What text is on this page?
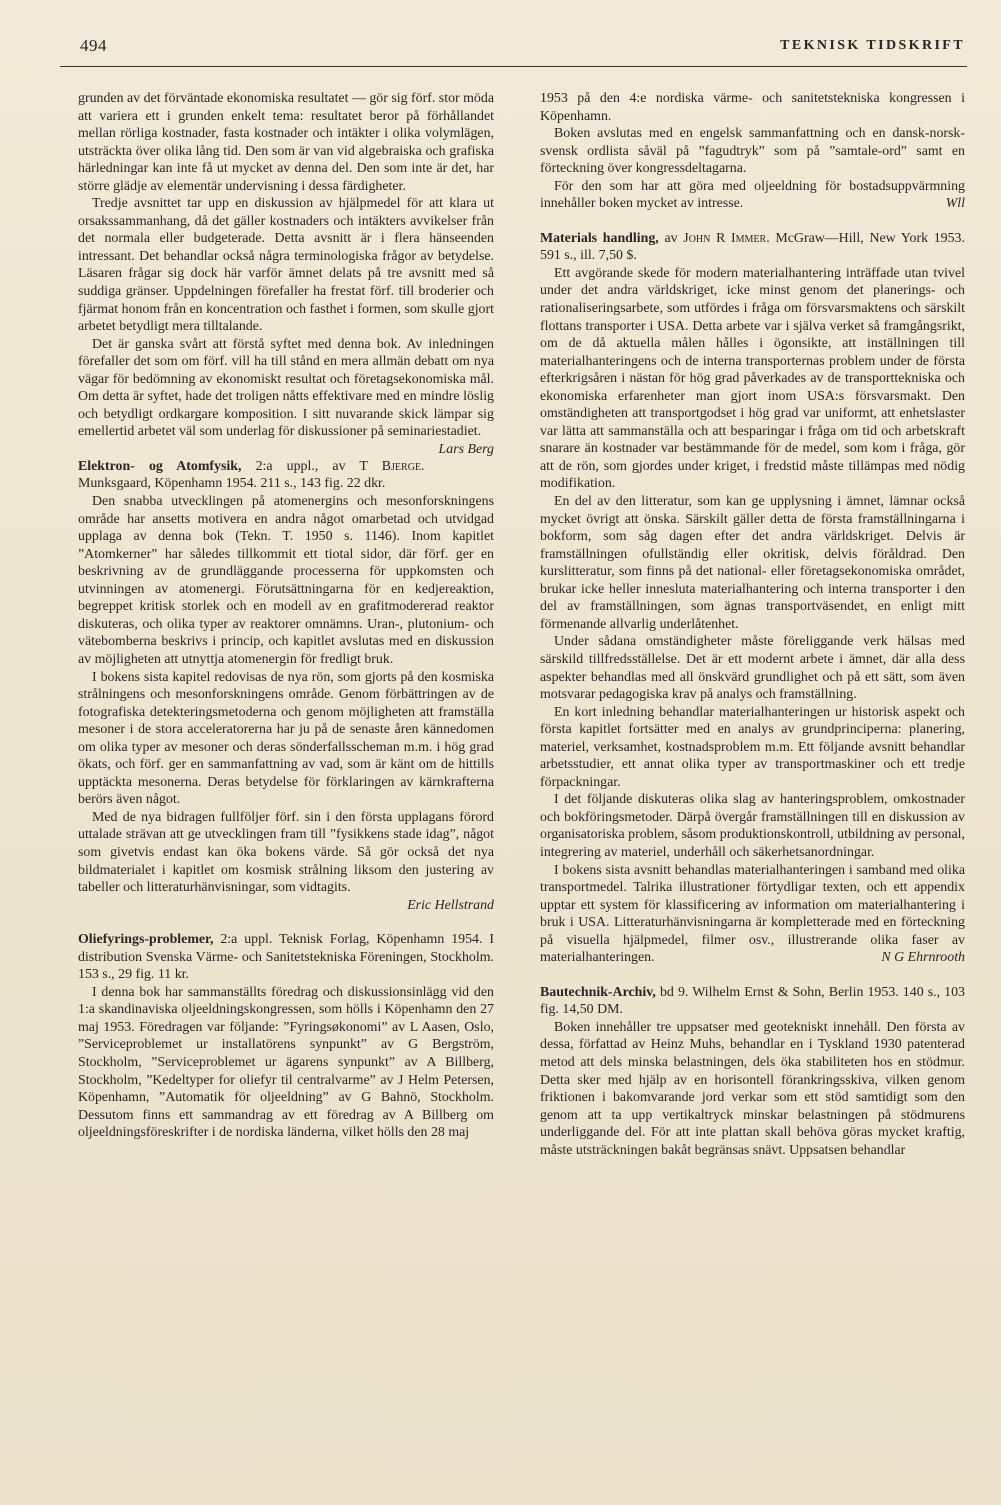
494	TEKNISK TIDSKRIFT

grunden av det förväntade ekonomiska resultatet — gör sig förf. stor möda att variera ett i grunden enkelt tema: resultatet beror på förhållandet mellan rörliga kostnader, fasta kostnader och intäkter i olika volymlägen, utsträckta över olika lång tid. Den som är van vid algebraiska och grafiska härledningar kan inte få ut mycket av denna del. Den som inte är det, har större glädje av elementär undervisning i dessa färdigheter.

Tredje avsnittet tar upp en diskussion av hjälpmedel för att klara ut orsakssammanhang, då det gäller kostnaders och intäkters avvikelser från det normala eller budgeterade. Detta avsnitt är i flera hänseenden intressant. Det behandlar också några terminologiska frågor av betydelse. Läsaren frågar sig dock här varför ämnet delats på tre avsnitt med så suddiga gränser. Uppdelningen förefaller ha frestat förf. till broderier och fjärmat honom från en koncentration och fasthet i formen, som skulle gjort arbetet betydligt mera tilltalande.

Det är ganska svårt att förstå syftet med denna bok. Av inledningen förefaller det som om förf. vill ha till stånd en mera allmän debatt om nya vägar för bedömning av ekonomiskt resultat och företagsekonomiska mål. Om detta är syftet, hade det troligen nåtts effektivare med en mindre löslig och betydligt ordkargare komposition. I sitt nuvarande skick lämpar sig emellertid arbetet väl som underlag för diskussioner på seminariestadiet.
Lars Berg

Elektron- og Atomfysik, 2:a uppl., av T Bjerge. Munksgaard, Köpenhamn 1954. 211 s., 143 fig. 22 dkr.

Den snabba utvecklingen på atomenergins och mesonforskningens område har ansetts motivera en andra något omarbetad och utvidgad upplaga av denna bok (Tekn. T. 1950 s. 1146). Inom kapitlet ”Atomkerner” har således tillkommit ett tiotal sidor, där förf. ger en beskrivning av de grundläggande processerna för uppkomsten och utvinningen av atomenergi. Förutsättningarna för en kedjereaktion, begreppet kritisk storlek och en modell av en grafitmodererad reaktor diskuteras, och olika typer av reaktorer omnämns. Uran-, plutonium- och vätebomberna beskrivs i princip, och kapitlet avslutas med en diskussion av möjligheten att utnyttja atomenergin för fredligt bruk.

I bokens sista kapitel redovisas de nya rön, som gjorts på den kosmiska strålningens och mesonforskningens område. Genom förbättringen av de fotografiska detekteringsmetoderna och genom möjligheten att framställa mesoner i de stora acceleratorerna har ju på de senaste åren kännedomen om olika typer av mesoner och deras sönderfallsscheman m.m. i hög grad ökats, och förf. ger en sammanfattning av vad, som är känt om de hittills upptäckta mesonerna. Deras betydelse för förklaringen av kärnkrafterna berörs även något.

Med de nya bidragen fullföljer förf. sin i den första upplagans förord uttalade strävan att ge utvecklingen fram till ”fysikkens stade idag”, något som givetvis endast kan öka bokens värde. Så gör också det nya bildmaterialet i kapitlet om kosmisk strålning liksom den justering av tabeller och litteraturhänvisningar, som vidtagits.

Eric Hellstrand

Oliefyrings-problemer, 2:a uppl. Teknisk Forlag, Köpenhamn 1954. I distribution Svenska Värme- och Sanitetstekniska Föreningen, Stockholm. 153 s., 29 fig. 11 kr.

I denna bok har sammanställts föredrag och diskussionsinlägg vid den 1:a skandinaviska oljeeldningskongressen, som hölls i Köpenhamn den 27 maj 1953. Föredragen var följande: ”Fyringsøkonomi” av L Aasen, Oslo, ”Serviceproblemet ur installatörens synpunkt” av G Bergström, Stockholm, ”Serviceproblemet ur ägarens synpunkt” av A Billberg, Stockholm, ”Kedeltyper for oliefyr til centralvarme” av J Helm Petersen, Köpenhamn, ”Automatik för oljeeldning” av G Bahnö, Stockholm. Dessutom finns ett sammandrag av ett föredrag av A Billberg om oljeeldningsföreskrifter i de nordiska länderna, vilket hölls den 28 maj

1953 på den 4:e nordiska värme- och sanitetstekniska kongressen i Köpenhamn.

Boken avslutas med en engelsk sammanfattning och en dansk-norsk-svensk ordlista såväl på ”fagudtryk” som på ”samtale-ord” samt en förteckning över kongressdeltagarna.

För den som har att göra med oljeeldning för bostadsuppvärmning innehåller boken mycket av intresse.	Wll

Materials handling, av John R Immer. McGraw—Hill, New York 1953. 591 s., ill. 7,50 $.

Ett avgörande skede för modern materialhantering inträffade utan tvivel under det andra världskriget, icke minst genom det planerings- och rationaliseringsarbete, som utfördes i fråga om försvarsmaktens och särskilt flottans transporter i USA. Detta arbete var i själva verket så framgångsrikt, om de då aktuella målen hålles i ögonsikte, att inställningen till materialhanteringens och de interna transporternas problem under de första efterkrigsåren i nästan för hög grad påverkades av de transporttekniska och ekonomiska erfarenheter man gjort inom USA:s försvarsmakt. Den omständigheten att transportgodset i hög grad var uniformt, att enhetslaster var lätta att sammanställa och att besparingar i fråga om tid och arbetskraft snarare än kostnader var bestämmande för de medel, som kom i fråga, gör att de rön, som gjordes under kriget, i fredstid måste tillämpas med nödig modifikation.

En del av den litteratur, som kan ge upplysning i ämnet, lämnar också mycket övrigt att önska. Särskilt gäller detta de första framställningarna i bokform, som såg dagen efter det andra världskriget. Delvis är framställningen ofullständig eller okritisk, delvis föråldrad. Den kurslitteratur, som finns på det national- eller företagsekonomiska området, brukar icke heller innesluta materialhantering och interna transporter i den del av framställningen, som ägnas transportväsendet, en enligt mitt förmenande allvarlig underlåtenhet.

Under sådana omständigheter måste föreliggande verk hälsas med särskild tillfredsställelse. Det är ett modernt arbete i ämnet, där alla dess aspekter behandlas med all önskvärd grundlighet och på ett sätt, som även motsvarar pedagogiska krav på analys och framställning.

En kort inledning behandlar materialhanteringen ur historisk aspekt och första kapitlet fortsätter med en analys av grundprinciperna: planering, materiel, verksamhet, kostnadsproblem m.m. Ett följande avsnitt behandlar arbetsstudier, ett annat olika typer av transportmaskiner och ett tredje förpackningar.

I det följande diskuteras olika slag av hanteringsproblem, omkostnader och bokföringsmetoder. Därpå övergår framställningen till en diskussion av organisatoriska problem, såsom produktionskontroll, utbildning av personal, integrering av materiel, underhåll och säkerhetsanordningar.

I bokens sista avsnitt behandlas materialhanteringen i samband med olika transportmedel. Talrika illustrationer förtydligar texten, och ett appendix upptar ett system för klassificering av information om materialhantering i bruk i USA. Litteraturhänvisningarna är kompletterade med en förteckning på visuella hjälpmedel, filmer osv., illustrerande olika faser av materialhanteringen.	N G Ehrnrooth

Bautechnik-Archiv, bd 9. Wilhelm Ernst & Sohn, Berlin 1953. 140 s., 103 fig. 14,50 DM.

Boken innehåller tre uppsatser med geotekniskt innehåll. Den första av dessa, författad av Heinz Muhs, behandlar en i Tyskland 1930 patenterad metod att dels minska belastningen, dels öka stabiliteten hos en stödmur. Detta sker med hjälp av en horisontell förankringsskiva, vilken genom friktionen i bakomvarande jord verkar som ett stöd samtidigt som den genom att ta upp vertikaltryck minskar belastningen på stödmurens underliggande del. För att inte plattan skall behöva göras mycket kraftig, måste utsträckningen bakåt begränsas snävt. Uppsatsen behandlar
